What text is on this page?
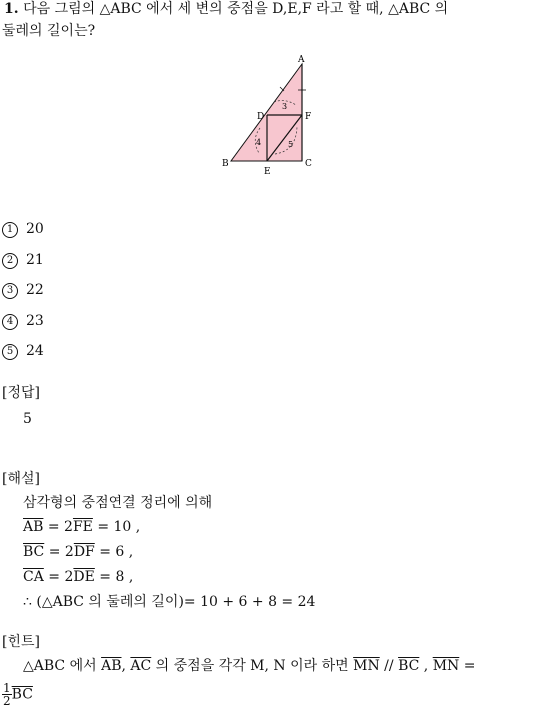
1. 다음 그림의 △ABC 에서 세 변의 중점을 D,E,F 라고 할 때, △ABC 의
둘레의 길이는?
A
B	C
D
E
F
3
4	5
1 20
2 21
3 22
4 23
5 24
[정답]
5
[해설]
삼각형의 중점연결 정리에 의해
$\overline{AB} = 2\overline{FE} = 10$ ,
$\overline{BC} = 2\overline{DF} = 6$ ,
$\overline{CA} = 2\overline{DE} = 8$ ,
∴ (△ABC 의 둘레의 길이)= 10 + 6 + 8 = 24
[힌트]
△ABC 에서 $\overline{AB}$, $\overline{AC}$ 의 중점을 각각 M, N 이라 하면 $\overline{MN} // \overline{BC}$ , $\overline{MN}$ =
$\frac{1}{2} \overline{BC}$
